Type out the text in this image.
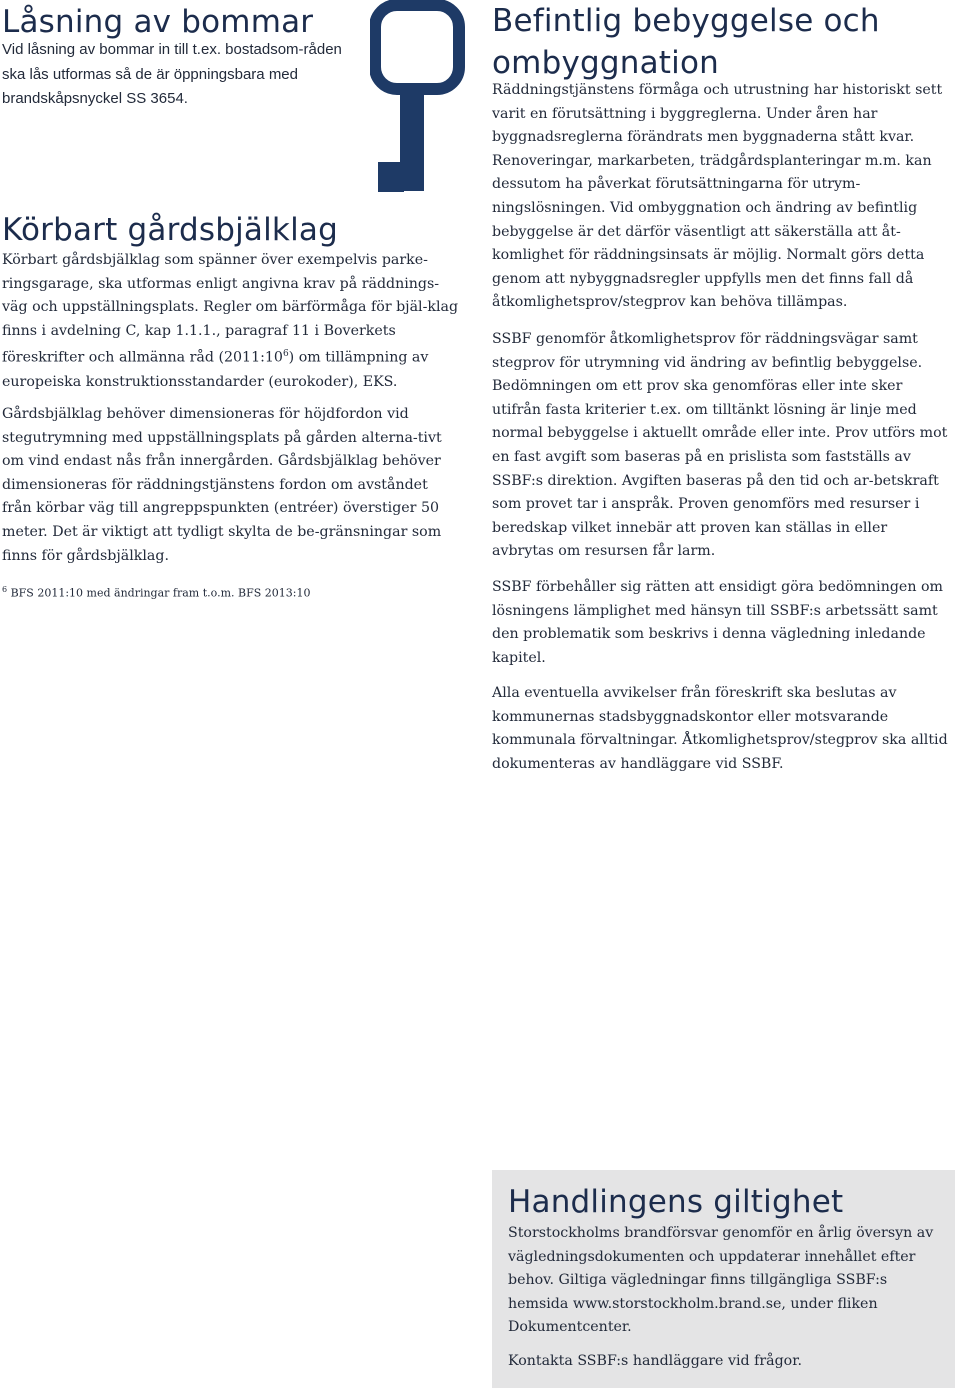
Låsning av bommar

Vid låsning av bommar in till t.ex. bostadsom-råden ska lås utformas så de är öppningsbara med brandskåpsnyckel SS 3654.

Körbart gårdsbjälklag

Körbart gårdsbjälklag som spänner över exempelvis parke-ringsgarage, ska utformas enligt angivna krav på räddnings-väg och uppställningsplats. Regler om bärförmåga för bjäl-klag finns i avdelning C, kap 1.1.1., paragraf 11 i Boverkets föreskrifter och allmänna råd $(2011:10^6)$ om tillämpning av europeiska konstruktionsstandarder (eurokoder), EKS.

Gårdsbjälklag behöver dimensioneras för höjdfordon vid stegutrymning med uppställningsplats på gården alterna-tivt om vind endast nås från innergården. Gårdsbjälklag behöver dimensioneras för räddningstjänstens fordon om avståndet från körbar väg till angreppspunkten (entréer) överstiger 50 meter. Det är viktigt att tydligt skylta de be-gränsningar som finns för gårdsbjälklag.

$^6$ BFS 2011:10 med ändringar fram t.o.m. BFS 2013:10

Befintlig bebyggelse och
ombyggnation

Räddningstjänstens förmåga och utrustning har historiskt sett varit en förutsättning i byggreglerna. Under åren har byggnadsreglerna förändrats men byggnaderna stått kvar. Renoveringar, markarbeten, trädgårdsplanteringar m.m. kan dessutom ha påverkat förutsättningarna för utrym-ningslösningen. Vid ombyggnation och ändring av befintlig bebyggelse är det därför väsentligt att säkerställa att åt-komlighet för räddningsinsats är möjlig. Normalt görs detta genom att nybyggnadsregler uppfylls men det finns fall då åtkomlighetsprov/stegprov kan behöva tillämpas.

SSBF genomför åtkomlighetsprov för räddningsvägar samt stegprov för utrymning vid ändring av befintlig bebyggelse. Bedömningen om ett prov ska genomföras eller inte sker utifrån fasta kriterier t.ex. om tilltänkt lösning är linje med normal bebyggelse i aktuellt område eller inte. Prov utförs mot en fast avgift som baseras på en prislista som fastställs av SSBF:s direktion. Avgiften baseras på den tid och ar-betskraft som provet tar i anspråk. Proven genomförs med resurser i beredskap vilket innebär att proven kan ställas in eller avbrytas om resursen får larm.

SSBF förbehåller sig rätten att ensidigt göra bedömningen om lösningens lämplighet med hänsyn till SSBF:s arbetssätt samt den problematik som beskrivs i denna vägledning inledande kapitel.

Alla eventuella avvikelser från föreskrift ska beslutas av kommunernas stadsbyggnadskontor eller motsvarande kommunala förvaltningar. Åtkomlighetsprov/stegprov ska alltid dokumenteras av handläggare vid SSBF.

Handlingens giltighet

Storstockholms brandförsvar genomför en årlig översyn av vägledningsdokumenten och uppdaterar innehållet efter behov. Giltiga vägledningar finns tillgängliga SSBF:s hemsida www.storstockholm.brand.se, under fliken Dokumentcenter.

Kontakta SSBF:s handläggare vid frågor.
